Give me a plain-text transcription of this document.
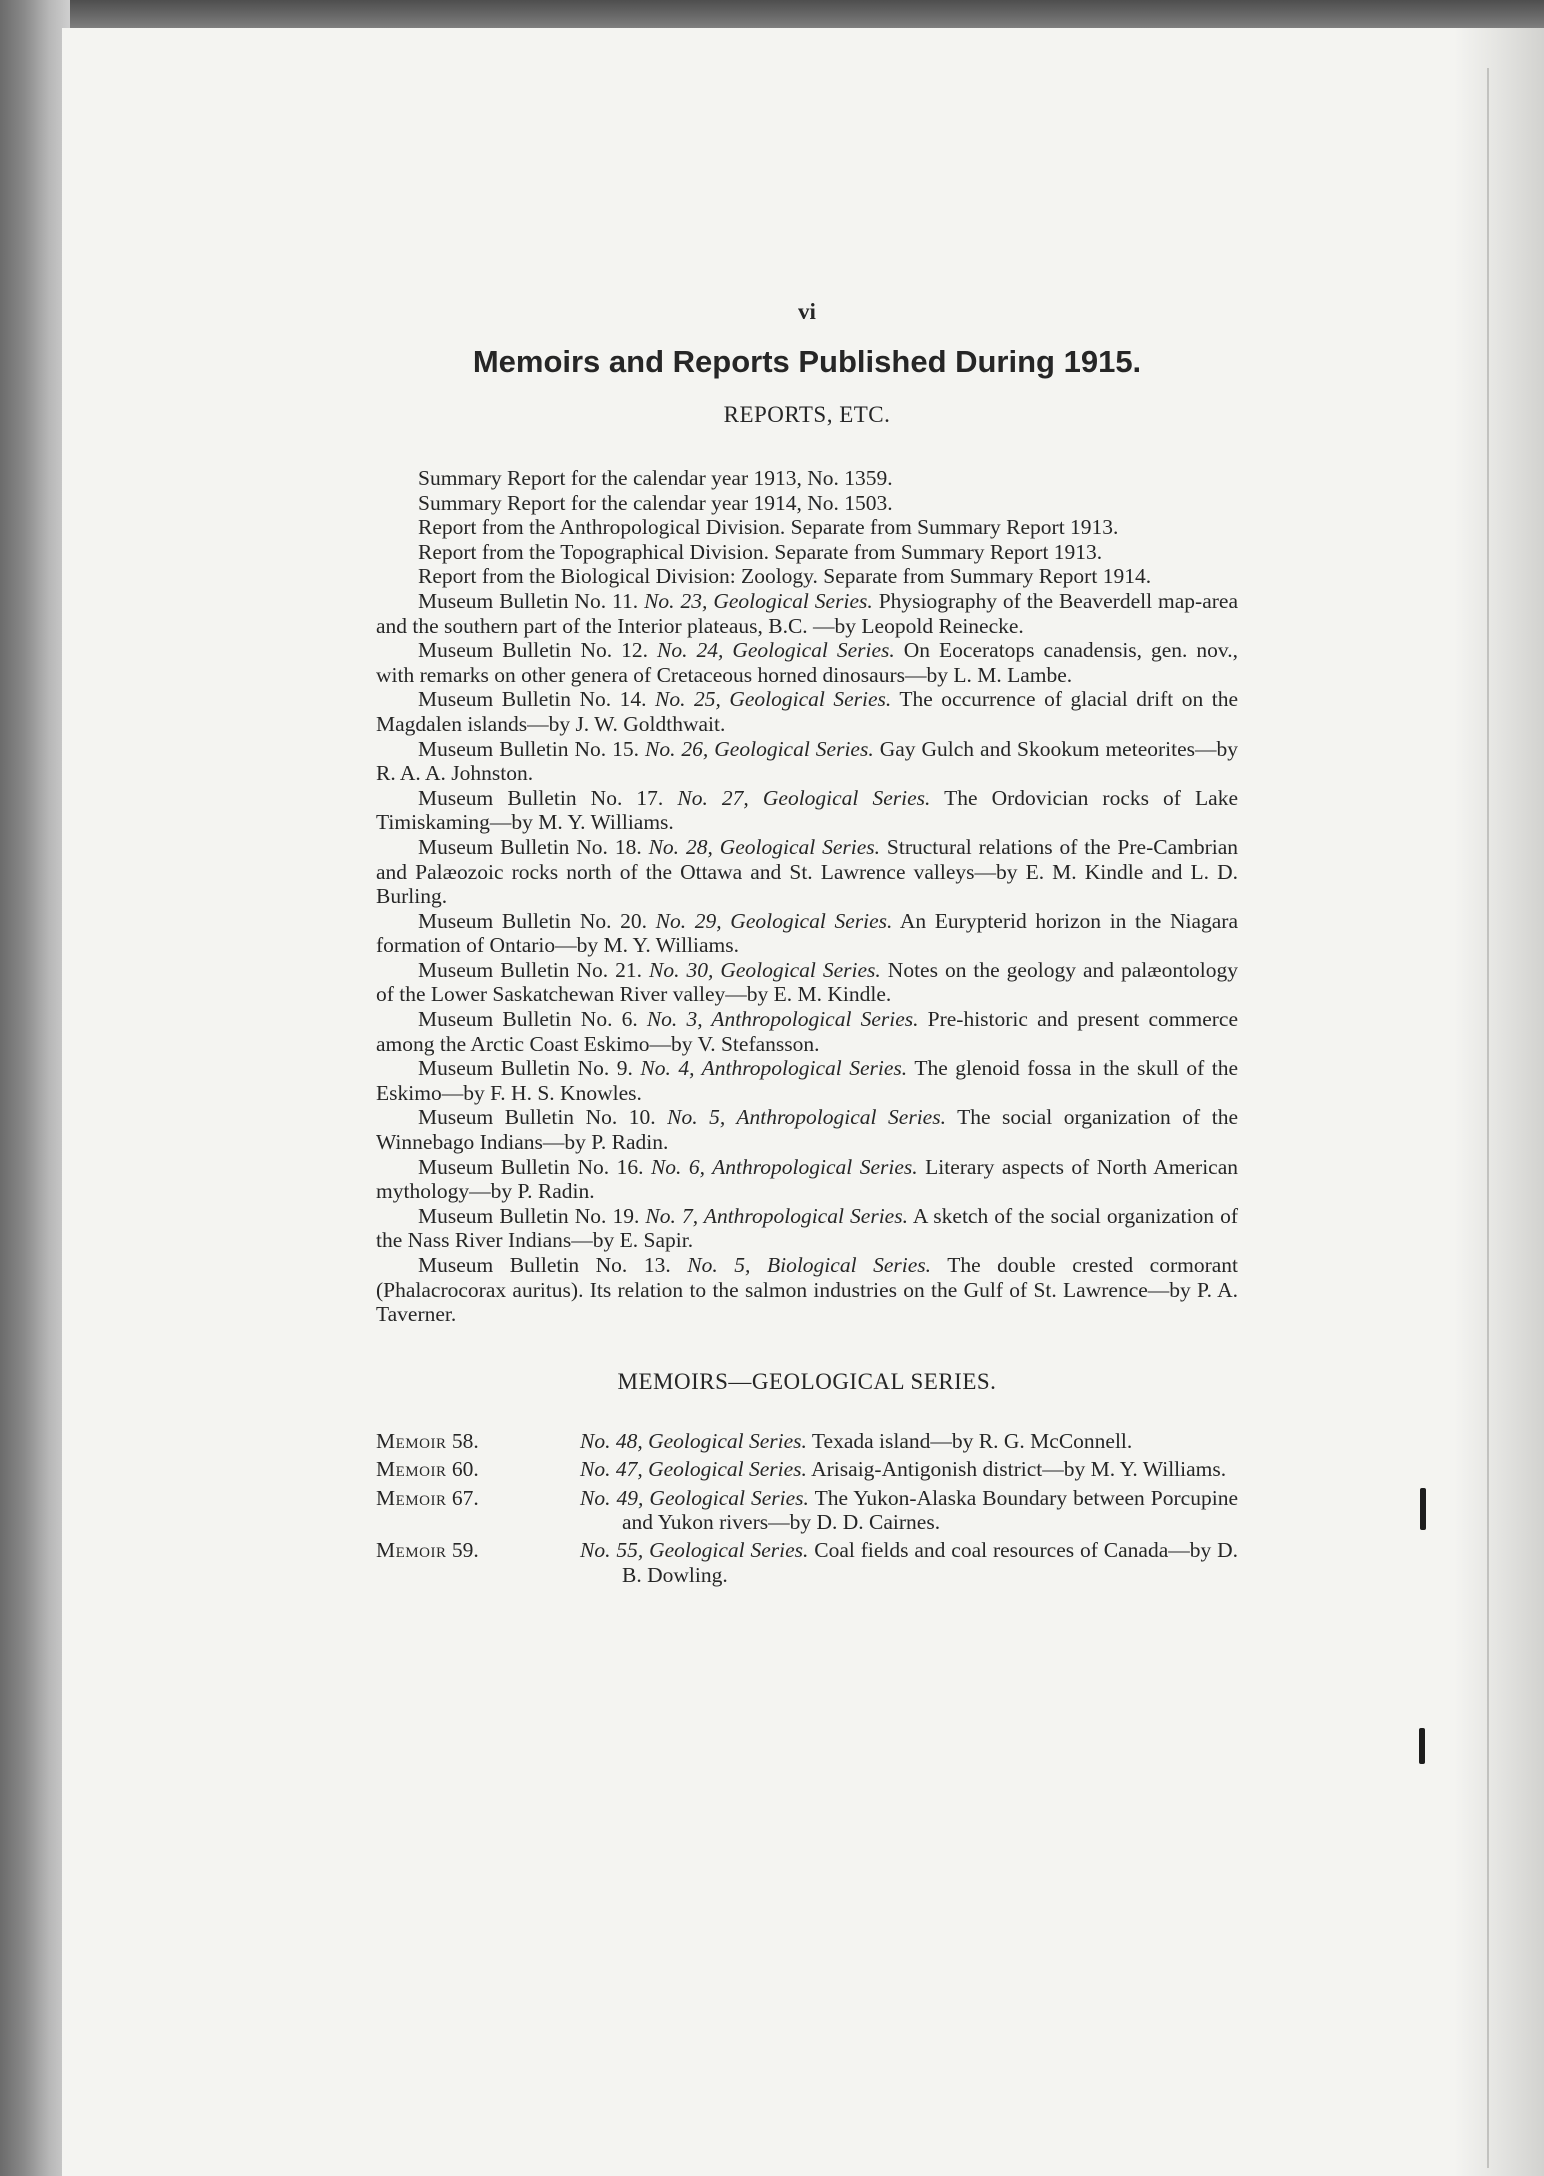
vi
Memoirs and Reports Published During 1915.
REPORTS, ETC.
Summary Report for the calendar year 1913, No. 1359.
Summary Report for the calendar year 1914, No. 1503.
Report from the Anthropological Division. Separate from Summary Report 1913.
Report from the Topographical Division. Separate from Summary Report 1913.
Report from the Biological Division: Zoology. Separate from Summary Report 1914.
Museum Bulletin No. 11. No. 23, Geological Series. Physiography of the Beaverdell map-area and the southern part of the Interior plateaus, B.C. —by Leopold Reinecke.
Museum Bulletin No. 12. No. 24, Geological Series. On Eoceratops canadensis, gen. nov., with remarks on other genera of Cretaceous horned dinosaurs—by L. M. Lambe.
Museum Bulletin No. 14. No. 25, Geological Series. The occurrence of glacial drift on the Magdalen islands—by J. W. Goldthwait.
Museum Bulletin No. 15. No. 26, Geological Series. Gay Gulch and Skookum meteorites—by R. A. A. Johnston.
Museum Bulletin No. 17. No. 27, Geological Series. The Ordovician rocks of Lake Timiskaming—by M. Y. Williams.
Museum Bulletin No. 18. No. 28, Geological Series. Structural relations of the Pre-Cambrian and Palæozoic rocks north of the Ottawa and St. Lawrence valleys—by E. M. Kindle and L. D. Burling.
Museum Bulletin No. 20. No. 29, Geological Series. An Eurypterid horizon in the Niagara formation of Ontario—by M. Y. Williams.
Museum Bulletin No. 21. No. 30, Geological Series. Notes on the geology and palæontology of the Lower Saskatchewan River valley—by E. M. Kindle.
Museum Bulletin No. 6. No. 3, Anthropological Series. Pre-historic and present commerce among the Arctic Coast Eskimo—by V. Stefansson.
Museum Bulletin No. 9. No. 4, Anthropological Series. The glenoid fossa in the skull of the Eskimo—by F. H. S. Knowles.
Museum Bulletin No. 10. No. 5, Anthropological Series. The social organization of the Winnebago Indians—by P. Radin.
Museum Bulletin No. 16. No. 6, Anthropological Series. Literary aspects of North American mythology—by P. Radin.
Museum Bulletin No. 19. No. 7, Anthropological Series. A sketch of the social organization of the Nass River Indians—by E. Sapir.
Museum Bulletin No. 13. No. 5, Biological Series. The double crested cormorant (Phalacrocorax auritus). Its relation to the salmon industries on the Gulf of St. Lawrence—by P. A. Taverner.
MEMOIRS—GEOLOGICAL SERIES.
Memoir 58.	No. 48, Geological Series. Texada island—by R. G. McConnell.
Memoir 60.	No. 47, Geological Series. Arisaig-Antigonish district—by M. Y. Williams.
Memoir 67.	No. 49, Geological Series. The Yukon-Alaska Boundary between Porcupine and Yukon rivers—by D. D. Cairnes.
Memoir 59.	No. 55, Geological Series. Coal fields and coal resources of Canada—by D. B. Dowling.
